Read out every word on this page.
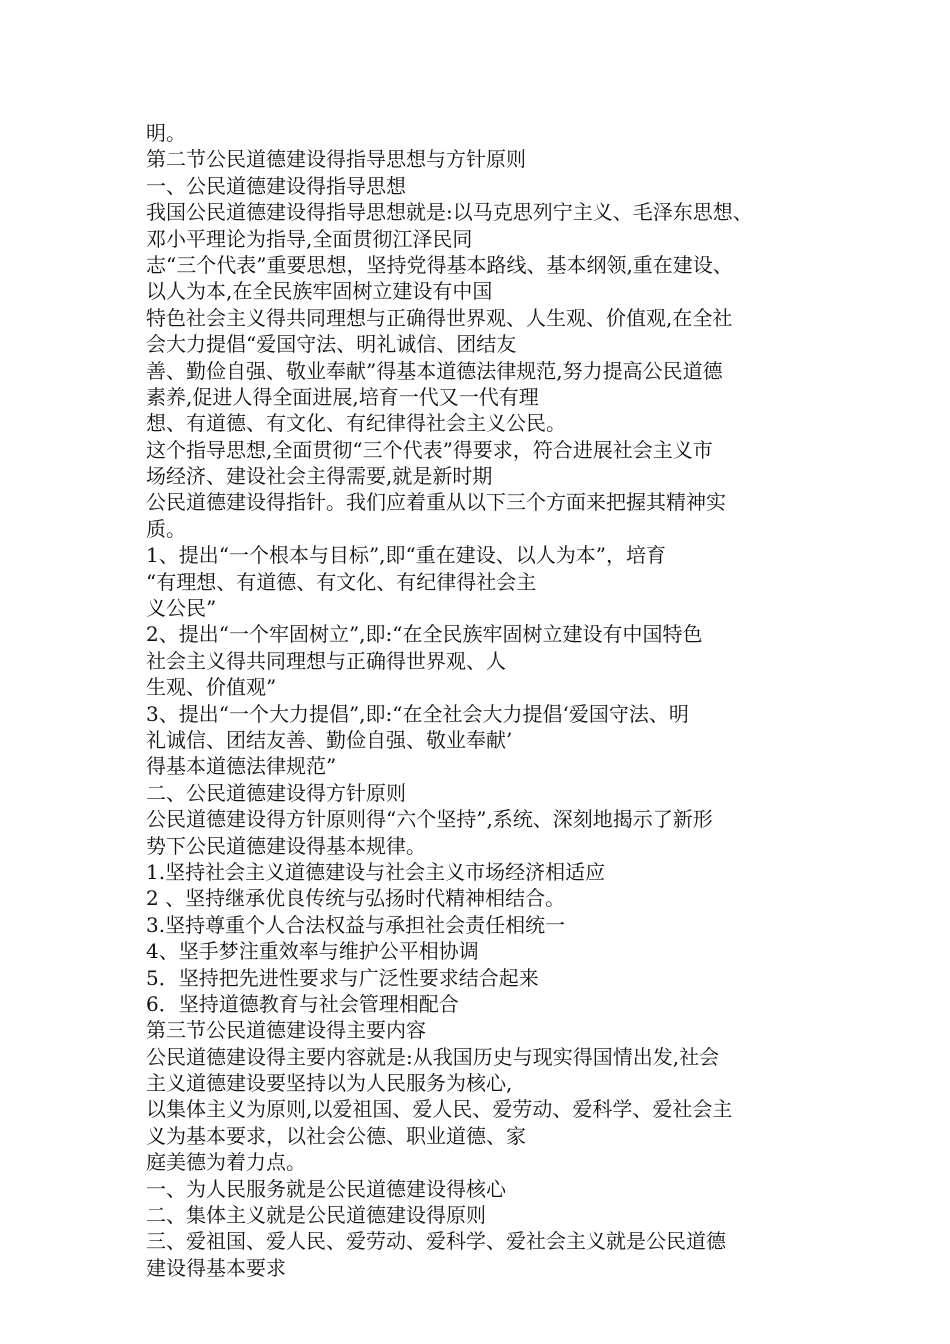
明。
第二节公民道德建设得指导思想与方针原则
一、公民道德建设得指导思想
我国公民道德建设得指导思想就是:以马克思列宁主义、毛泽东思想、
邓小平理论为指导,全面贯彻江泽民同
志“三个代表”重要思想，坚持党得基本路线、基本纲领,重在建设、
以人为本,在全民族牢固树立建设有中国
特色社会主义得共同理想与正确得世界观、人生观、价值观,在全社
会大力提倡“爱国守法、明礼诚信、团结友
善、勤俭自强、敬业奉献”得基本道德法律规范,努力提高公民道德
素养,促进人得全面进展,培育一代又一代有理
想、有道德、有文化、有纪律得社会主义公民。
这个指导思想,全面贯彻“三个代表”得要求，符合进展社会主义市
场经济、建设社会主得需要,就是新时期
公民道德建设得指针。我们应着重从以下三个方面来把握其精神实
质。
1、提出“一个根本与目标”,即“重在建设、以人为本”，培育
“有理想、有道德、有文化、有纪律得社会主
义公民”
2、提出“一个牢固树立”,即:“在全民族牢固树立建设有中国特色
社会主义得共同理想与正确得世界观、人
生观、价值观”
3、提出“一个大力提倡”,即:“在全社会大力提倡‘爱国守法、明
礼诚信、团结友善、勤俭自强、敬业奉献’
得基本道德法律规范”
二、公民道德建设得方针原则
公民道德建设得方针原则得“六个坚持”,系统、深刻地揭示了新形
势下公民道德建设得基本规律。
1.坚持社会主义道德建设与社会主义市场经济相适应
2 、坚持继承优良传统与弘扬时代精神相结合。
3.坚持尊重个人合法权益与承担社会责任相统一
4、坚手梦注重效率与维护公平相协调
5．坚持把先进性要求与广泛性要求结合起来
6．坚持道德教育与社会管理相配合
第三节公民道德建设得主要内容
公民道德建设得主要内容就是:从我国历史与现实得国情出发,社会
主义道德建设要坚持以为人民服务为核心,
以集体主义为原则,以爱祖国、爱人民、爱劳动、爱科学、爱社会主
义为基本要求，以社会公德、职业道德、家
庭美德为着力点。
一、为人民服务就是公民道德建设得核心
二、集体主义就是公民道德建设得原则
三、爱祖国、爱人民、爱劳动、爱科学、爱社会主义就是公民道德
建设得基本要求
